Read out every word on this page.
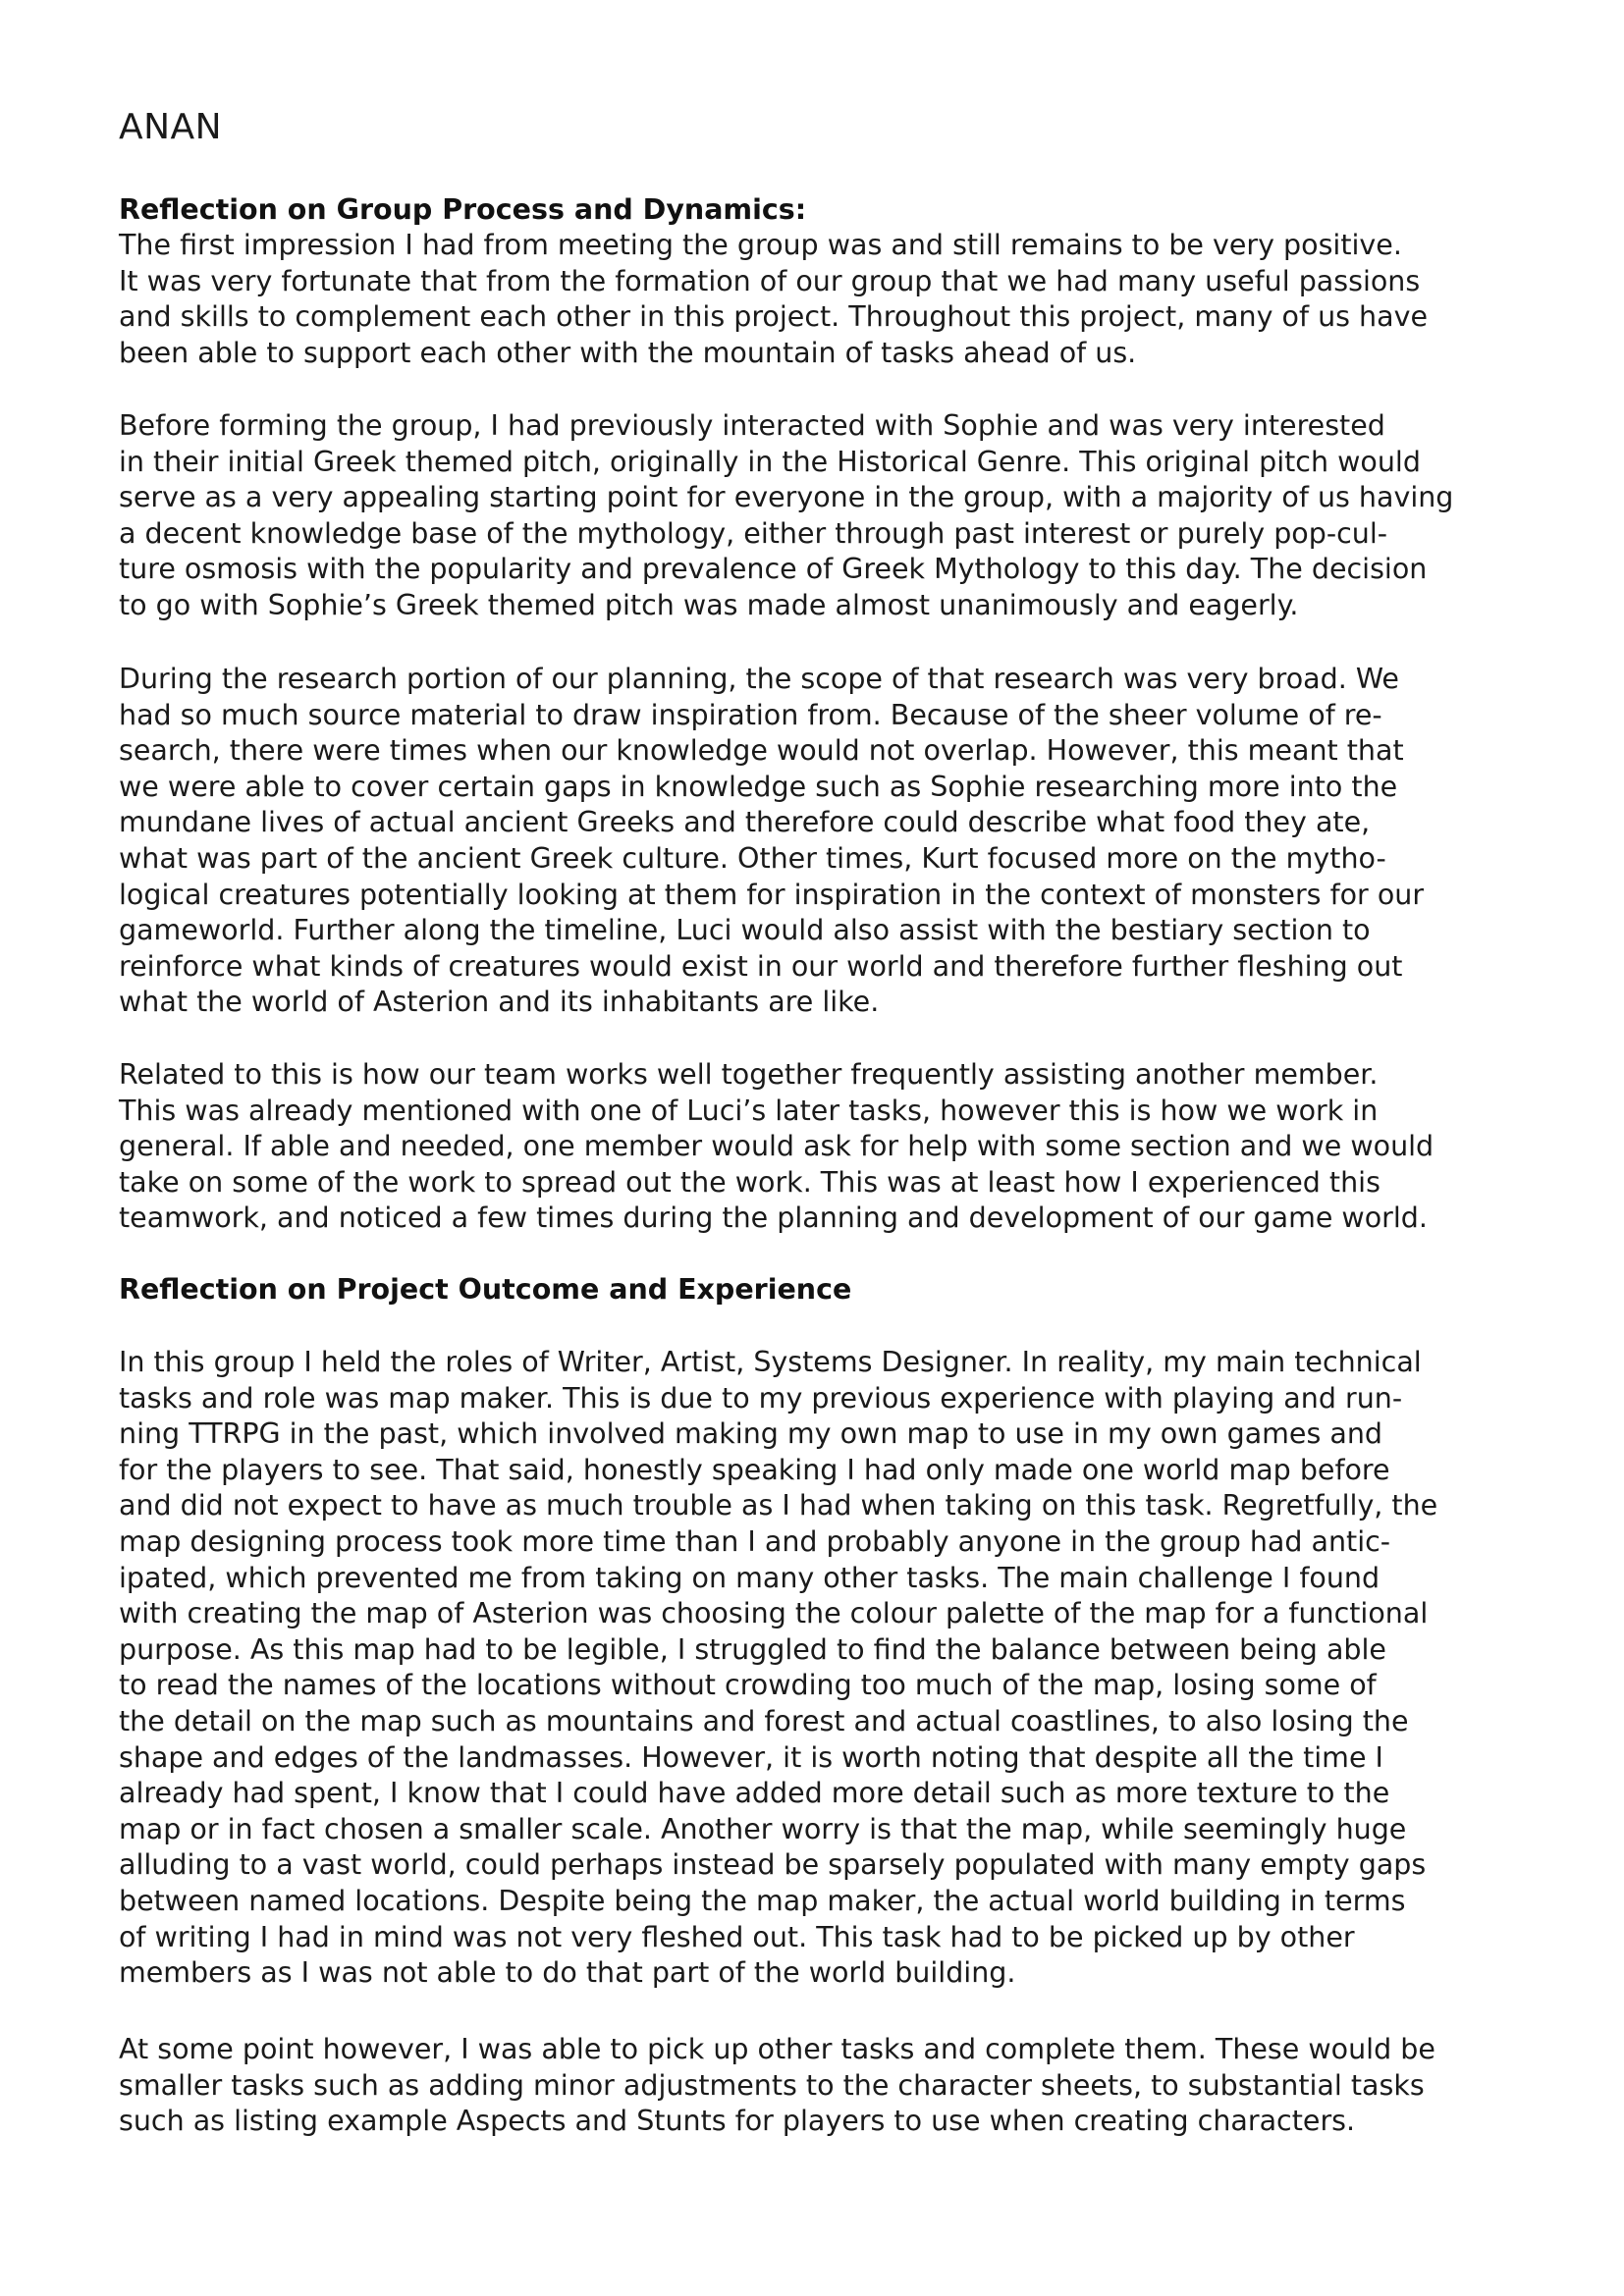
ANAN
Reflection on Group Process and Dynamics:
The first impression I had from meeting the group was and still remains to be very positive.
It was very fortunate that from the formation of our group that we had many useful passions
and skills to complement each other in this project. Throughout this project, many of us have
been able to support each other with the mountain of tasks ahead of us.
Before forming the group, I had previously interacted with Sophie and was very interested
in their initial Greek themed pitch, originally in the Historical Genre. This original pitch would
serve as a very appealing starting point for everyone in the group, with a majority of us having
a decent knowledge base of the mythology, either through past interest or purely pop-cul-
ture osmosis with the popularity and prevalence of Greek Mythology to this day. The decision
to go with Sophie’s Greek themed pitch was made almost unanimously and eagerly.
During the research portion of our planning, the scope of that research was very broad. We
had so much source material to draw inspiration from. Because of the sheer volume of re-
search, there were times when our knowledge would not overlap. However, this meant that
we were able to cover certain gaps in knowledge such as Sophie researching more into the
mundane lives of actual ancient Greeks and therefore could describe what food they ate,
what was part of the ancient Greek culture. Other times, Kurt focused more on the mytho-
logical creatures potentially looking at them for inspiration in the context of monsters for our
gameworld. Further along the timeline, Luci would also assist with the bestiary section to
reinforce what kinds of creatures would exist in our world and therefore further fleshing out
what the world of Asterion and its inhabitants are like.
Related to this is how our team works well together frequently assisting another member.
This was already mentioned with one of Luci’s later tasks, however this is how we work in
general. If able and needed, one member would ask for help with some section and we would
take on some of the work to spread out the work. This was at least how I experienced this
teamwork, and noticed a few times during the planning and development of our game world.
Reflection on Project Outcome and Experience
In this group I held the roles of Writer, Artist, Systems Designer. In reality, my main technical
tasks and role was map maker. This is due to my previous experience with playing and run-
ning TTRPG in the past, which involved making my own map to use in my own games and
for the players to see. That said, honestly speaking I had only made one world map before
and did not expect to have as much trouble as I had when taking on this task. Regretfully, the
map designing process took more time than I and probably anyone in the group had antic-
ipated, which prevented me from taking on many other tasks. The main challenge I found
with creating the map of Asterion was choosing the colour palette of the map for a functional
purpose. As this map had to be legible, I struggled to find the balance between being able
to read the names of the locations without crowding too much of the map, losing some of
the detail on the map such as mountains and forest and actual coastlines, to also losing the
shape and edges of the landmasses. However, it is worth noting that despite all the time I
already had spent, I know that I could have added more detail such as more texture to the
map or in fact chosen a smaller scale. Another worry is that the map, while seemingly huge
alluding to a vast world, could perhaps instead be sparsely populated with many empty gaps
between named locations. Despite being the map maker, the actual world building in terms
of writing I had in mind was not very fleshed out. This task had to be picked up by other
members as I was not able to do that part of the world building.
At some point however, I was able to pick up other tasks and complete them. These would be
smaller tasks such as adding minor adjustments to the character sheets, to substantial tasks
such as listing example Aspects and Stunts for players to use when creating characters.
